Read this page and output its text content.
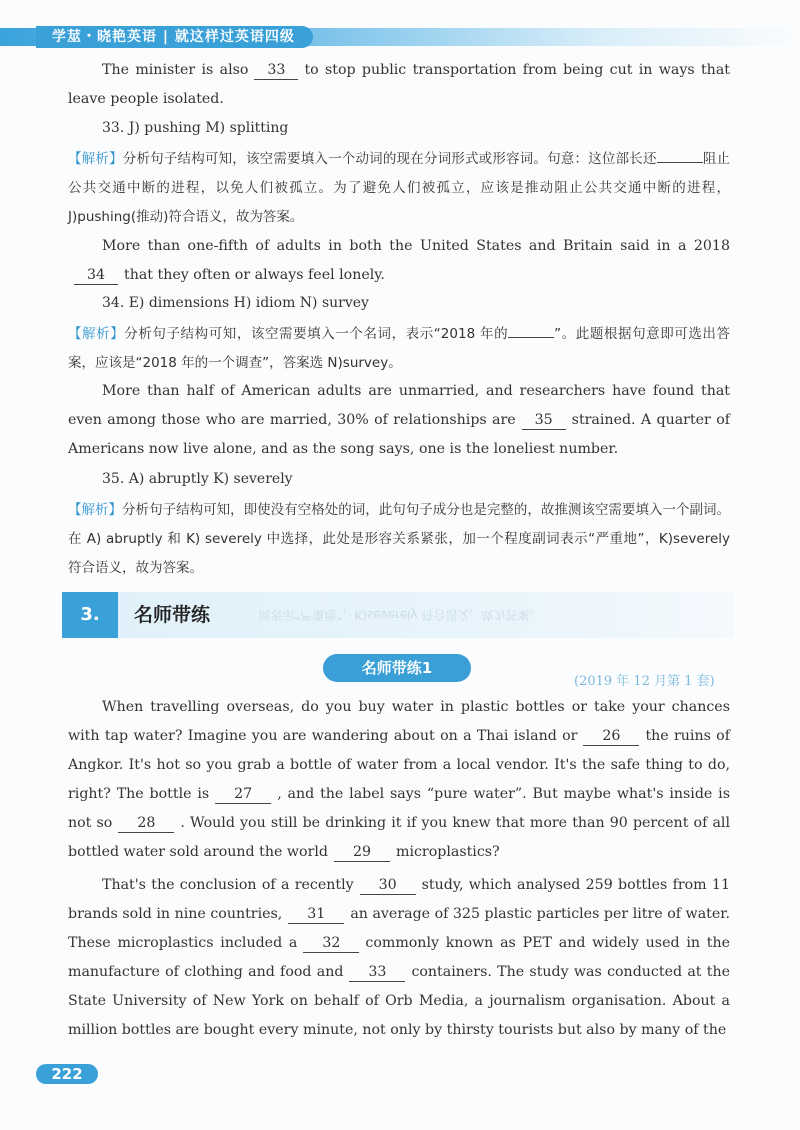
学莁・晓艳英语 | 就这样过英语四级
The minister is also 33 to stop public transportation from being cut in ways that leave people isolated.
33. J) pushing M) splitting
【解析】分析句子结构可知，该空需要填入一个动词的现在分词形式或形容词。句意：这位部长还	阻止公共交通中断的进程，以免人们被孤立。为了避免人们被孤立，应该是推动阻止公共交通中断的进程，J)pushing(推动)符合语义，故为答案。
More than one-fifth of adults in both the United States and Britain said in a 201834 that they often or always feel lonely.
34. E) dimensions H) idiom N) survey
【解析】分析句子结构可知，该空需要填入一个名词，表示“2018 年的	”。此题根据句意即可选出答案，应该是“2018 年的一个调查”，答案选 N)survey。
More than half of American adults are unmarried, and researchers have found that even among those who are married, 30% of relationships are 35 strained. A quarter of Americans now live alone, and as the song says, one is the loneliest number.
35. A) abruptly K) severely
【解析】分析句子结构可知，即使没有空格处的词，此句句子成分也是完整的，故推测该空需要填入一个副词。在 A) abruptly 和 K) severely 中选择，此处是形容关系紧张，加一个程度副词表示“严重地”，K)severely 符合语义，故为答案。
词表示“严重地”，K)severely 符合语义，故为答案。
3.	名师带练
名师带练1
(2019 年 12 月第 1 套)
When travelling overseas, do you buy water in plastic bottles or take your chances with tap water? Imagine you are wandering about on a Thai island or 26 the ruins of Angkor. It's hot so you grab a bottle of water from a local vendor. It's the safe thing to do, right? The bottle is 27 , and the label says “pure water”. But maybe what's inside is not so 28 . Would you still be drinking it if you knew that more than 90 percent of all bottled water sold around the world 29 microplastics?
That's the conclusion of a recently 30 study, which analysed 259 bottles from 11 brands sold in nine countries, 31 an average of 325 plastic particles per litre of water. These microplastics included a 32 commonly known as PET and widely used in the manufacture of clothing and food and 33 containers. The study was conducted at the State University of New York on behalf of Orb Media, a journalism organisation. About a million bottles are bought every minute, not only by thirsty tourists but also by many of the
222
